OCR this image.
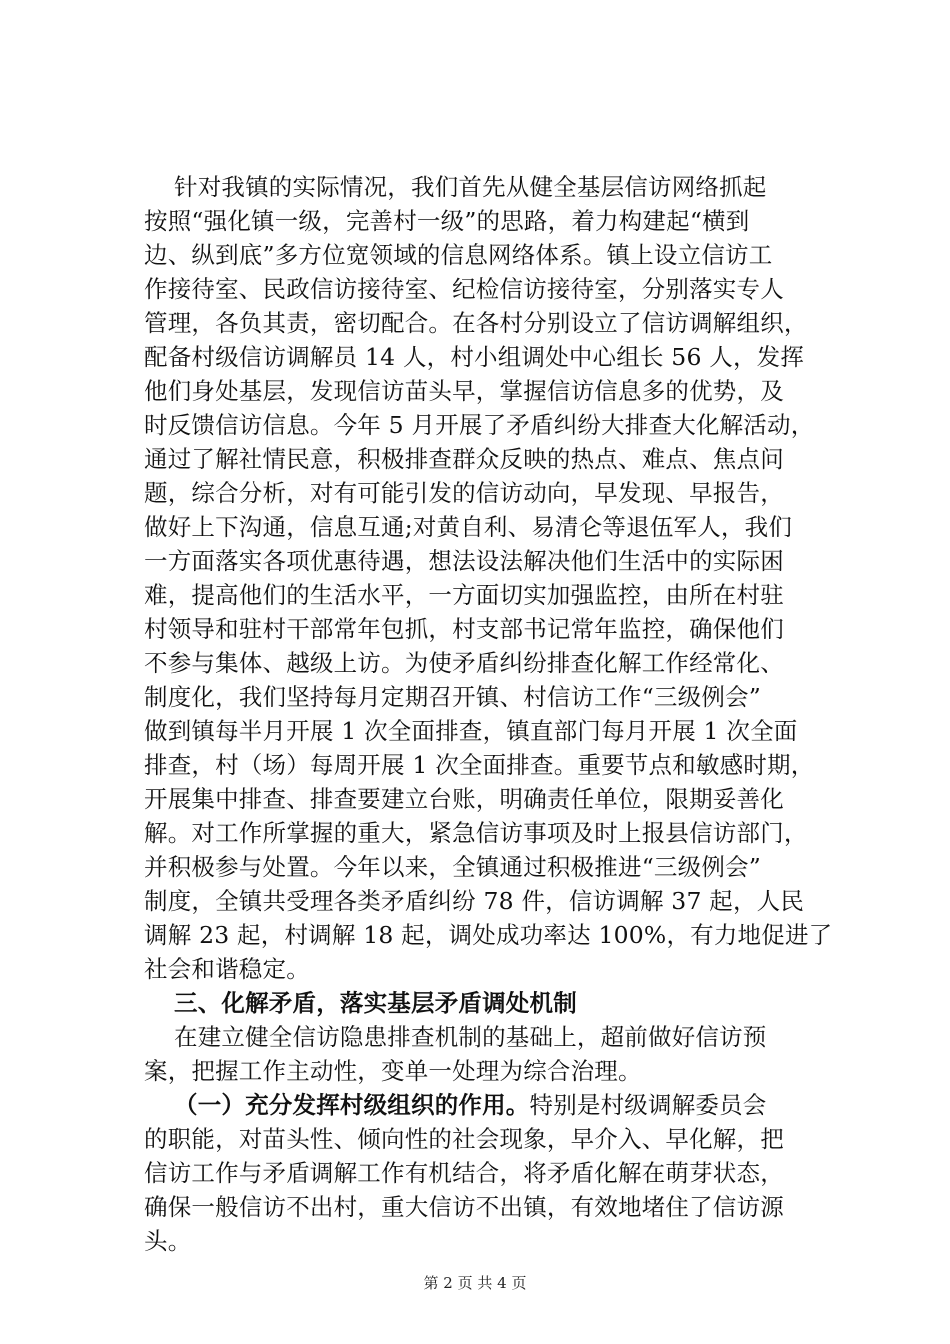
针对我镇的实际情况，我们首先从健全基层信访网络抓起
按照“强化镇一级，完善村一级”的思路，着力构建起“横到
边、纵到底”多方位宽领域的信息网络体系。镇上设立信访工
作接待室、民政信访接待室、纪检信访接待室，分别落实专人
管理，各负其责，密切配合。在各村分别设立了信访调解组织，
配备村级信访调解员 14 人，村小组调处中心组长 56 人，发挥
他们身处基层，发现信访苗头早，掌握信访信息多的优势，及
时反馈信访信息。今年 5 月开展了矛盾纠纷大排查大化解活动，
通过了解社情民意，积极排查群众反映的热点、难点、焦点问
题，综合分析，对有可能引发的信访动向，早发现、早报告，
做好上下沟通，信息互通;对黄自利、易清仑等退伍军人，我们
一方面落实各项优惠待遇，想法设法解决他们生活中的实际困
难，提高他们的生活水平，一方面切实加强监控，由所在村驻
村领导和驻村干部常年包抓，村支部书记常年监控，确保他们
不参与集体、越级上访。为使矛盾纠纷排查化解工作经常化、
制度化，我们坚持每月定期召开镇、村信访工作“三级例会”
做到镇每半月开展 1 次全面排查，镇直部门每月开展 1 次全面
排查，村（场）每周开展 1 次全面排查。重要节点和敏感时期，
开展集中排查、排查要建立台账，明确责任单位，限期妥善化
解。对工作所掌握的重大，紧急信访事项及时上报县信访部门，
并积极参与处置。今年以来，全镇通过积极推进“三级例会”
制度，全镇共受理各类矛盾纠纷 78 件，信访调解 37 起，人民
调解 23 起，村调解 18 起，调处成功率达 100%，有力地促进了
社会和谐稳定。
三、化解矛盾，落实基层矛盾调处机制
在建立健全信访隐患排查机制的基础上，超前做好信访预
案，把握工作主动性，变单一处理为综合治理。
（一）充分发挥村级组织的作用。特别是村级调解委员会
的职能，对苗头性、倾向性的社会现象，早介入、早化解，把
信访工作与矛盾调解工作有机结合，将矛盾化解在萌芽状态，
确保一般信访不出村，重大信访不出镇，有效地堵住了信访源
头。
第 2 页 共 4 页
